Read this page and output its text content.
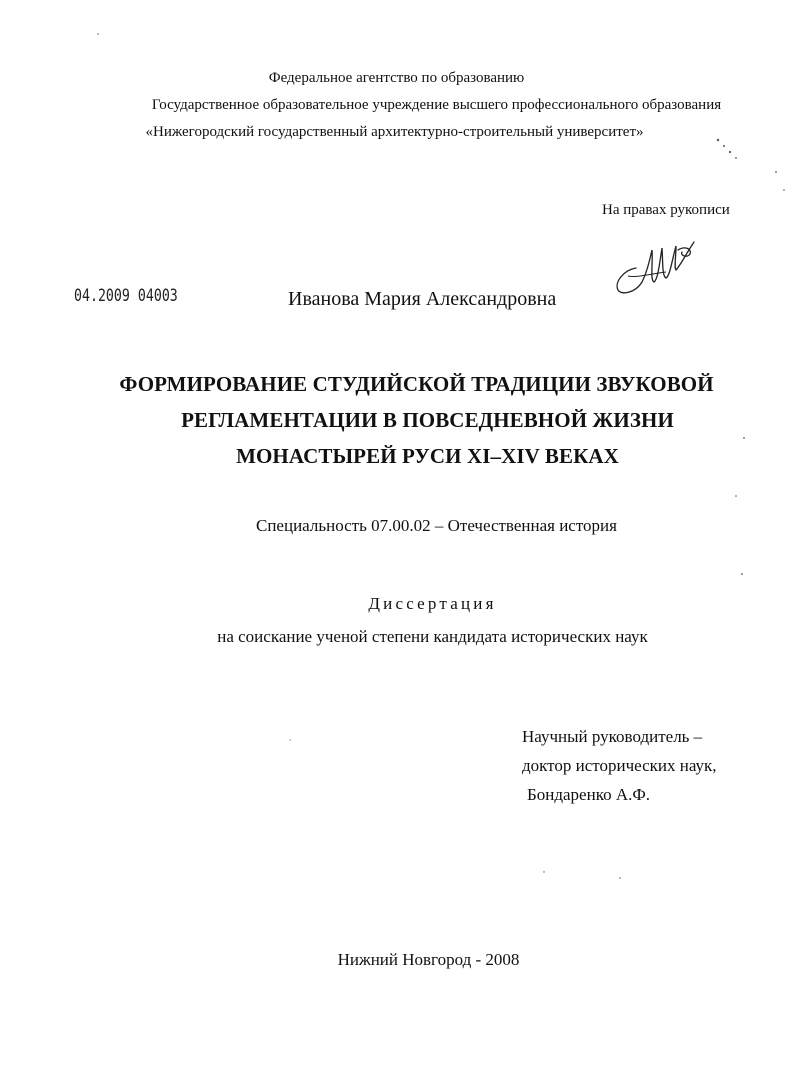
Федеральное агентство по образованию
Государственное образовательное учреждение высшего профессионального образования
«Нижегородский государственный архитектурно-строительный университет»
На правах рукописи
04.2009 04003	Иванова Мария Александровна
ФОРМИРОВАНИЕ СТУДИЙСКОЙ ТРАДИЦИИ ЗВУКОВОЙ
РЕГЛАМЕНТАЦИИ В ПОВСЕДНЕВНОЙ ЖИЗНИ
МОНАСТЫРЕЙ РУСИ XI–XIV ВЕКАХ
Специальность 07.00.02 – Отечественная история
Диссертация
на соискание ученой степени кандидата исторических наук
Научный руководитель –
доктор исторических наук,
Бондаренко А.Ф.
Нижний Новгород - 2008
